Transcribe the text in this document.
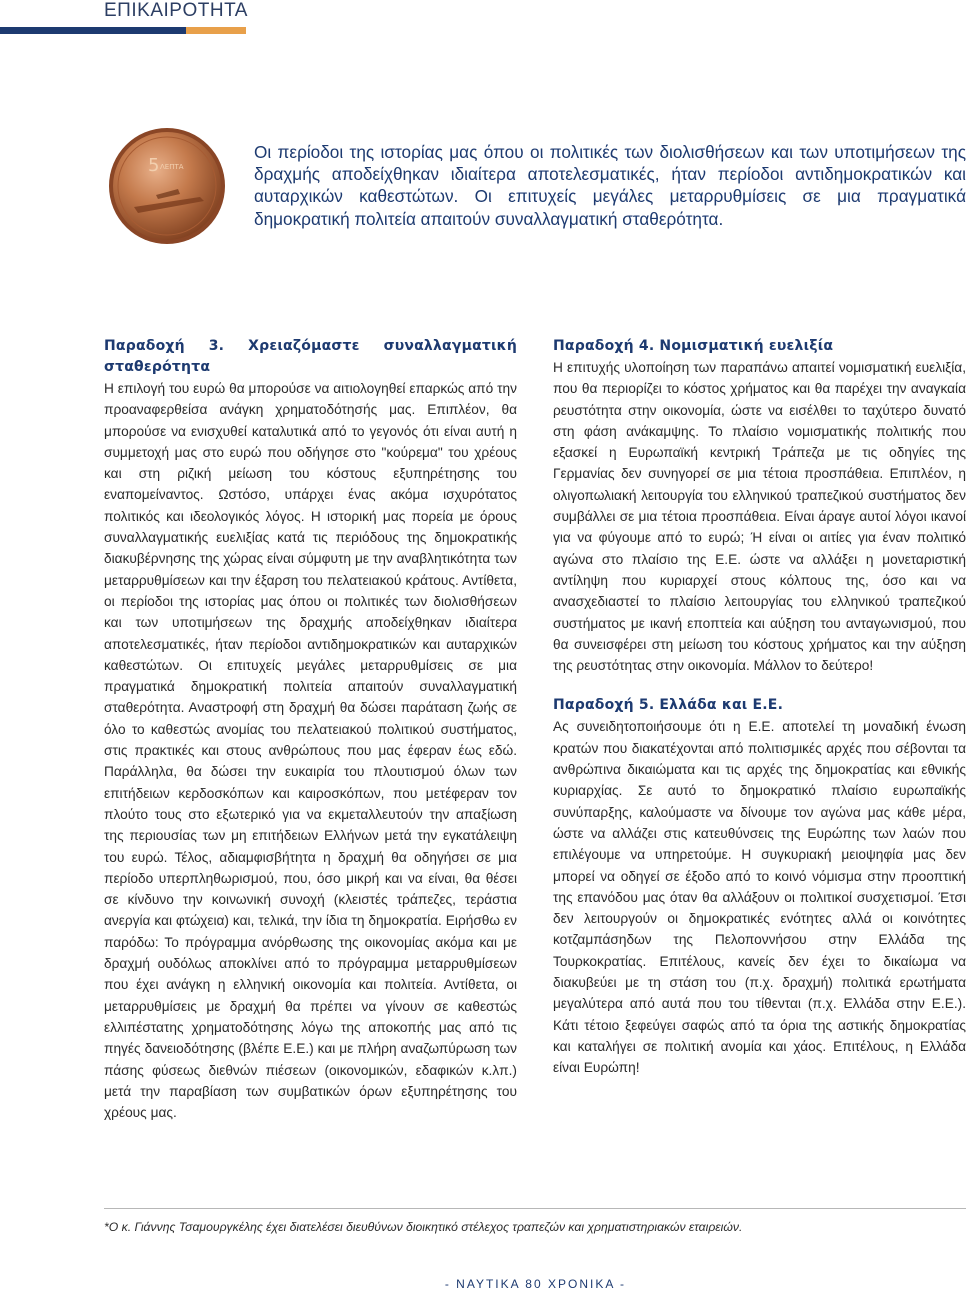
ΕΠΙΚΑΙΡΟΤΗΤΑ
5 ΛΕΠΤΑ
Οι περίοδοι της ιστορίας μας όπου οι πολιτικές των διολισθήσεων και των υποτιμήσεων της δραχμής αποδείχθηκαν ιδιαίτερα αποτελεσματικές, ήταν περίοδοι αντιδημοκρατικών και αυταρχικών καθεστώτων. Οι επιτυχείς μεγάλες μεταρρυθμίσεις σε μια πραγματικά δημοκρατική πολιτεία απαιτούν συναλλαγματική σταθερότητα.
Παραδοχή 3. Χρειαζόμαστε συναλλαγματική σταθερότητα

Η επιλογή του ευρώ θα μπορούσε να αιτιολογηθεί επαρκώς από την προαναφερθείσα ανάγκη χρηματοδότησής μας. Επιπλέον, θα μπορούσε να ενισχυθεί καταλυτικά από το γεγονός ότι είναι αυτή η συμμετοχή μας στο ευρώ που οδήγησε στο "κούρεμα" του χρέους και στη ριζική μείωση του κόστους εξυπηρέτησης του εναπομείναντος. Ωστόσο, υπάρχει ένας ακόμα ισχυρότατος πολιτικός και ιδεολογικός λόγος. Η ιστορική μας πορεία με όρους συναλλαγματικής ευελιξίας κατά τις περιόδους της δημοκρατικής διακυβέρνησης της χώρας είναι σύμφυτη με την αναβλητικότητα των μεταρρυθμίσεων και την έξαρση του πελατειακού κράτους. Αντίθετα, οι περίοδοι της ιστορίας μας όπου οι πολιτικές των διολισθήσεων και των υποτιμήσεων της δραχμής αποδείχθηκαν ιδιαίτερα αποτελεσματικές, ήταν περίοδοι αντιδημοκρατικών και αυταρχικών καθεστώτων. Οι επιτυχείς μεγάλες μεταρρυθμίσεις σε μια πραγματικά δημοκρατική πολιτεία απαιτούν συναλλαγματική σταθερότητα. Αναστροφή στη δραχμή θα δώσει παράταση ζωής σε όλο το καθεστώς ανομίας του πελατειακού πολιτικού συστήματος, στις πρακτικές και στους ανθρώπους που μας έφεραν έως εδώ. Παράλληλα, θα δώσει την ευκαιρία του πλουτισμού όλων των επιτήδειων κερδοσκόπων και καιροσκόπων, που μετέφεραν τον πλούτο τους στο εξωτερικό για να εκμεταλλευτούν την απαξίωση της περιουσίας των μη επιτήδειων Ελλήνων μετά την εγκατάλειψη του ευρώ. Τέλος, αδιαμφισβήτητα η δραχμή θα οδηγήσει σε μια περίοδο υπερπληθωρισμού, που, όσο μικρή και να είναι, θα θέσει σε κίνδυνο την κοινωνική συνοχή (κλειστές τράπεζες, τεράστια ανεργία και φτώχεια) και, τελικά, την ίδια τη δημοκρατία. Ειρήσθω εν παρόδω: Το πρόγραμμα ανόρθωσης της οικονομίας ακόμα και με δραχμή ουδόλως αποκλίνει από το πρόγραμμα μεταρρυθμίσεων που έχει ανάγκη η ελληνική οικονομία και πολιτεία. Αντίθετα, οι μεταρρυθμίσεις με δραχμή θα πρέπει να γίνουν σε καθεστώς ελλιπέστατης χρηματοδότησης λόγω της αποκοπής μας από τις πηγές δανειοδότησης (βλέπε Ε.Ε.) και με πλήρη αναζωπύρωση των πάσης φύσεως διεθνών πιέσεων (οικονομικών, εδαφικών κ.λπ.) μετά την παραβίαση των συμβατικών όρων εξυπηρέτησης του χρέους μας.

Παραδοχή 4. Νομισματική ευελιξία

Η επιτυχής υλοποίηση των παραπάνω απαιτεί νομισματική ευελιξία, που θα περιορίζει το κόστος χρήματος και θα παρέχει την αναγκαία ρευστότητα στην οικονομία, ώστε να εισέλθει το ταχύτερο δυνατό στη φάση ανάκαμψης. Το πλαίσιο νομισματικής πολιτικής που εξασκεί η Ευρωπαϊκή κεντρική Τράπεζα με τις οδηγίες της Γερμανίας δεν συνηγορεί σε μια τέτοια προσπάθεια. Επιπλέον, η ολιγοπωλιακή λειτουργία του ελληνικού τραπεζικού συστήματος δεν συμβάλλει σε μια τέτοια προσπάθεια. Είναι άραγε αυτοί λόγοι ικανοί για να φύγουμε από το ευρώ; Ή είναι οι αιτίες για έναν πολιτικό αγώνα στο πλαίσιο της Ε.Ε. ώστε να αλλάξει η μονεταριστική αντίληψη που κυριαρχεί στους κόλπους της, όσο και να ανασχεδιαστεί το πλαίσιο λειτουργίας του ελληνικού τραπεζικού συστήματος με ικανή εποπτεία και αύξηση του ανταγωνισμού, που θα συνεισφέρει στη μείωση του κόστους χρήματος και την αύξηση της ρευστότητας στην οικονομία. Μάλλον το δεύτερο!

Παραδοχή 5. Ελλάδα και Ε.Ε.

Ας συνειδητοποιήσουμε ότι η Ε.Ε. αποτελεί τη μοναδική ένωση κρατών που διακατέχονται από πολιτισμικές αρχές που σέβονται τα ανθρώπινα δικαιώματα και τις αρχές της δημοκρατίας και εθνικής κυριαρχίας. Σε αυτό το δημοκρατικό πλαίσιο ευρωπαϊκής συνύπαρξης, καλούμαστε να δίνουμε τον αγώνα μας κάθε μέρα, ώστε να αλλάζει στις κατευθύνσεις της Ευρώπης των λαών που επιλέγουμε να υπηρετούμε. Η συγκυριακή μειοψηφία μας δεν μπορεί να οδηγεί σε έξοδο από το κοινό νόμισμα στην προοπτική της επανόδου μας όταν θα αλλάξουν οι πολιτικοί συσχετισμοί. Έτσι δεν λειτουργούν οι δημοκρατικές ενότητες αλλά οι κοινότητες κοτζαμπάσηδων της Πελοποννήσου στην Ελλάδα της Τουρκοκρατίας. Επιτέλους, κανείς δεν έχει το δικαίωμα να διακυβεύει με τη στάση του (π.χ. δραχμή) πολιτικά ερωτήματα μεγαλύτερα από αυτά που του τίθενται (π.χ. Ελλάδα στην Ε.Ε.). Κάτι τέτοιο ξεφεύγει σαφώς από τα όρια της αστικής δημοκρατίας και καταλήγει σε πολιτική ανομία και χάος. Επιτέλους, η Ελλάδα είναι Ευρώπη!

*Ο κ. Γιάννης Τσαμουργκέλης έχει διατελέσει διευθύνων διοικητικό στέλεχος τραπεζών και χρηματιστηριακών εταιρειών.
- ΝΑΥΤΙΚΑ 80 ΧΡΟΝΙΚΑ -
